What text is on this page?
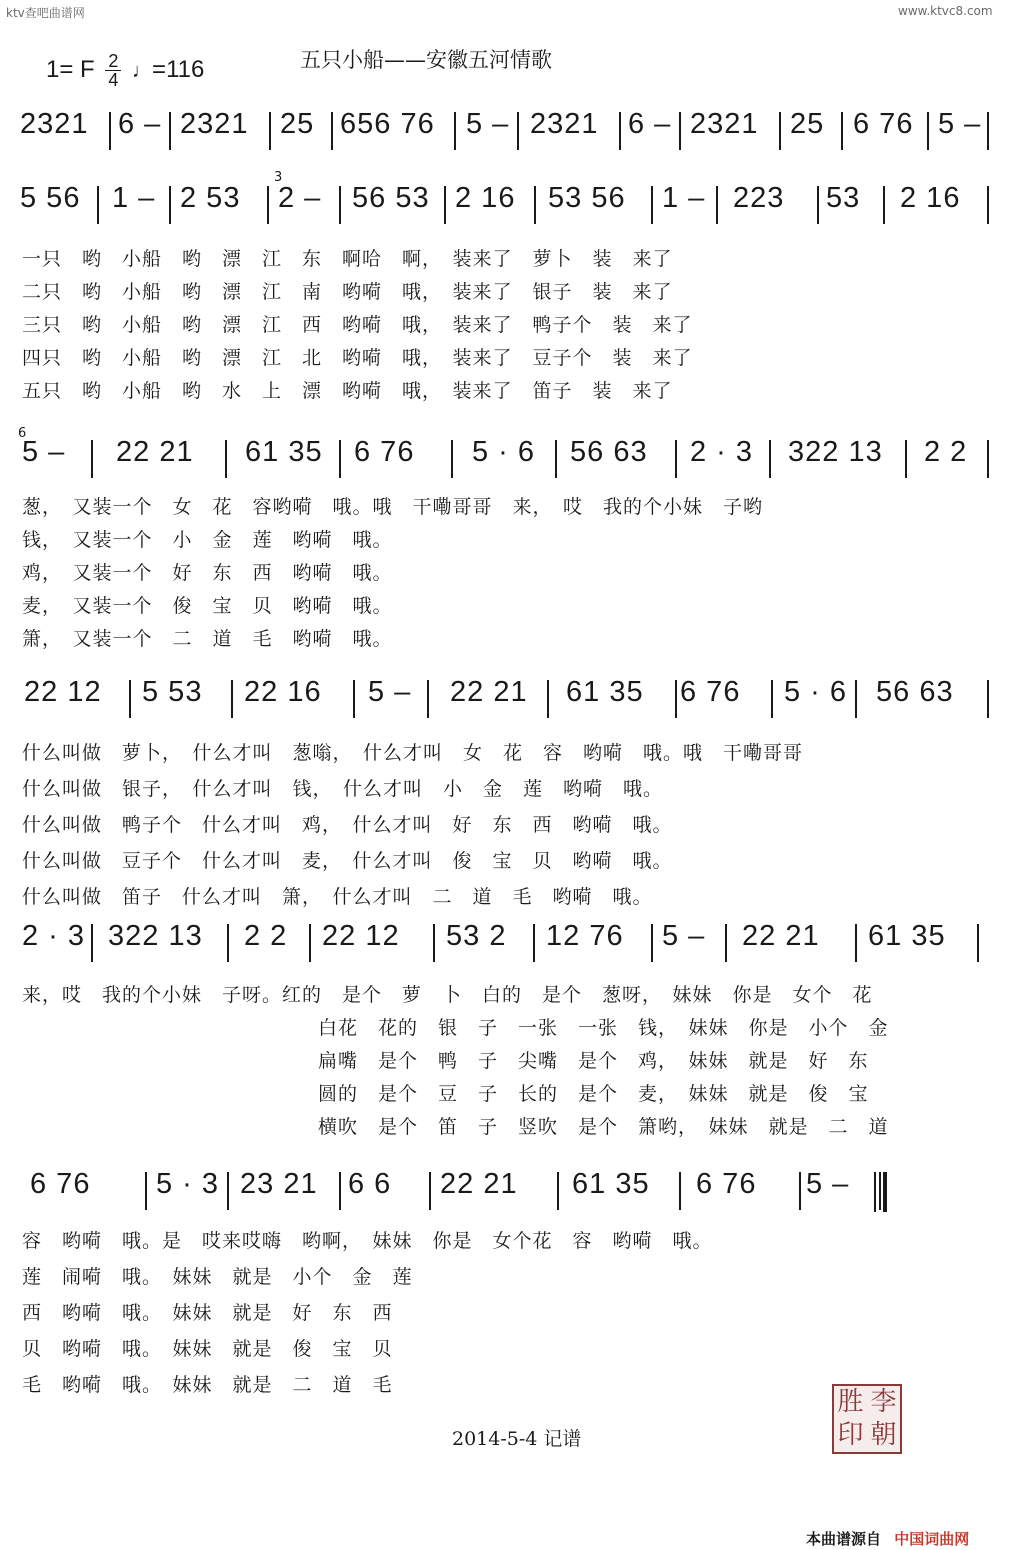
ktv查吧曲谱网	www.ktvc8.com
1= F $\frac{2}{4}$ ♩=116	五只小船——安徽五河情歌
2321 6 – 2321 25 656 76 5 – 2321 6 – 2321 25 6 76 5 –
5 56 1 – 2 53 2 – 56 53 2 16 53 56 1 – 223 53 2 16
一只　哟　小船　哟　漂　江　东　啊哈　啊，　装来了　萝卜　装　来了
二只　哟　小船　哟　漂　江　南　哟嗬　哦，　装来了　银子　装　来了
三只　哟　小船　哟　漂　江　西　哟嗬　哦，　装来了　鸭子个　装　来了
四只　哟　小船　哟　漂　江　北　哟嗬　哦，　装来了　豆子个　装　来了
五只　哟　小船　哟　水　上　漂　哟嗬　哦，　装来了　笛子　装　来了
5 – 22 21 61 35 6 76 5 · 6 56 63 2 · 3 322 13 2 2
葱，　又装一个　女　花　容哟嗬　哦。哦　干嘞哥哥　来，　哎　我的个小妹　子哟
钱，　又装一个　小　金　莲　哟嗬　哦。
鸡，　又装一个　好　东　西　哟嗬　哦。
麦，　又装一个　俊　宝　贝　哟嗬　哦。
箫，　又装一个　二　道　毛　哟嗬　哦。
22 12 5 53 22 16 5 – 22 21 61 35 6 76 5 · 6 56 63
什么叫做　萝卜，　什么才叫　葱嗡，　什么才叫　女　花　容　哟嗬　哦。哦　干嘞哥哥
什么叫做　银子，　什么才叫　钱，　什么才叫　小　金　莲　哟嗬　哦。
什么叫做　鸭子个　什么才叫　鸡，　什么才叫　好　东　西　哟嗬　哦。
什么叫做　豆子个　什么才叫　麦，　什么才叫　俊　宝　贝　哟嗬　哦。
什么叫做　笛子　什么才叫　箫，　什么才叫　二　道　毛　哟嗬　哦。
2 · 3 322 13 2 2 22 12 53 2 12 76 5 – 22 21 61 35
来，哎　我的个小妹　子呀。红的　是个　萝　卜　白的　是个　葱呀，　妹妹　你是　女个　花
白花　花的　银　子　一张　一张　钱，　妹妹　你是　小个　金
扁嘴　是个　鸭　子　尖嘴　是个　鸡，　妹妹　就是　好　东
圆的　是个　豆　子　长的　是个　麦，　妹妹　就是　俊　宝
横吹　是个　笛　子　竖吹　是个　箫哟，　妹妹　就是　二　道
6 76 5 · 3 23 21 6 6 22 21 61 35 6 76 5 –
容　哟嗬　哦。是　哎来哎嗨　哟啊，　妹妹　你是　女个花　容　哟嗬　哦。
莲　闹嗬　哦。　妹妹　就是　小个　金　莲
西　哟嗬　哦。　妹妹　就是　好　东　西
贝　哟嗬　哦。　妹妹　就是　俊　宝　贝
毛　哟嗬　哦。　妹妹　就是　二　道　毛
3
6
2014-5-4 记谱
胜 李
印 朝
本曲谱源自 中国词曲网
